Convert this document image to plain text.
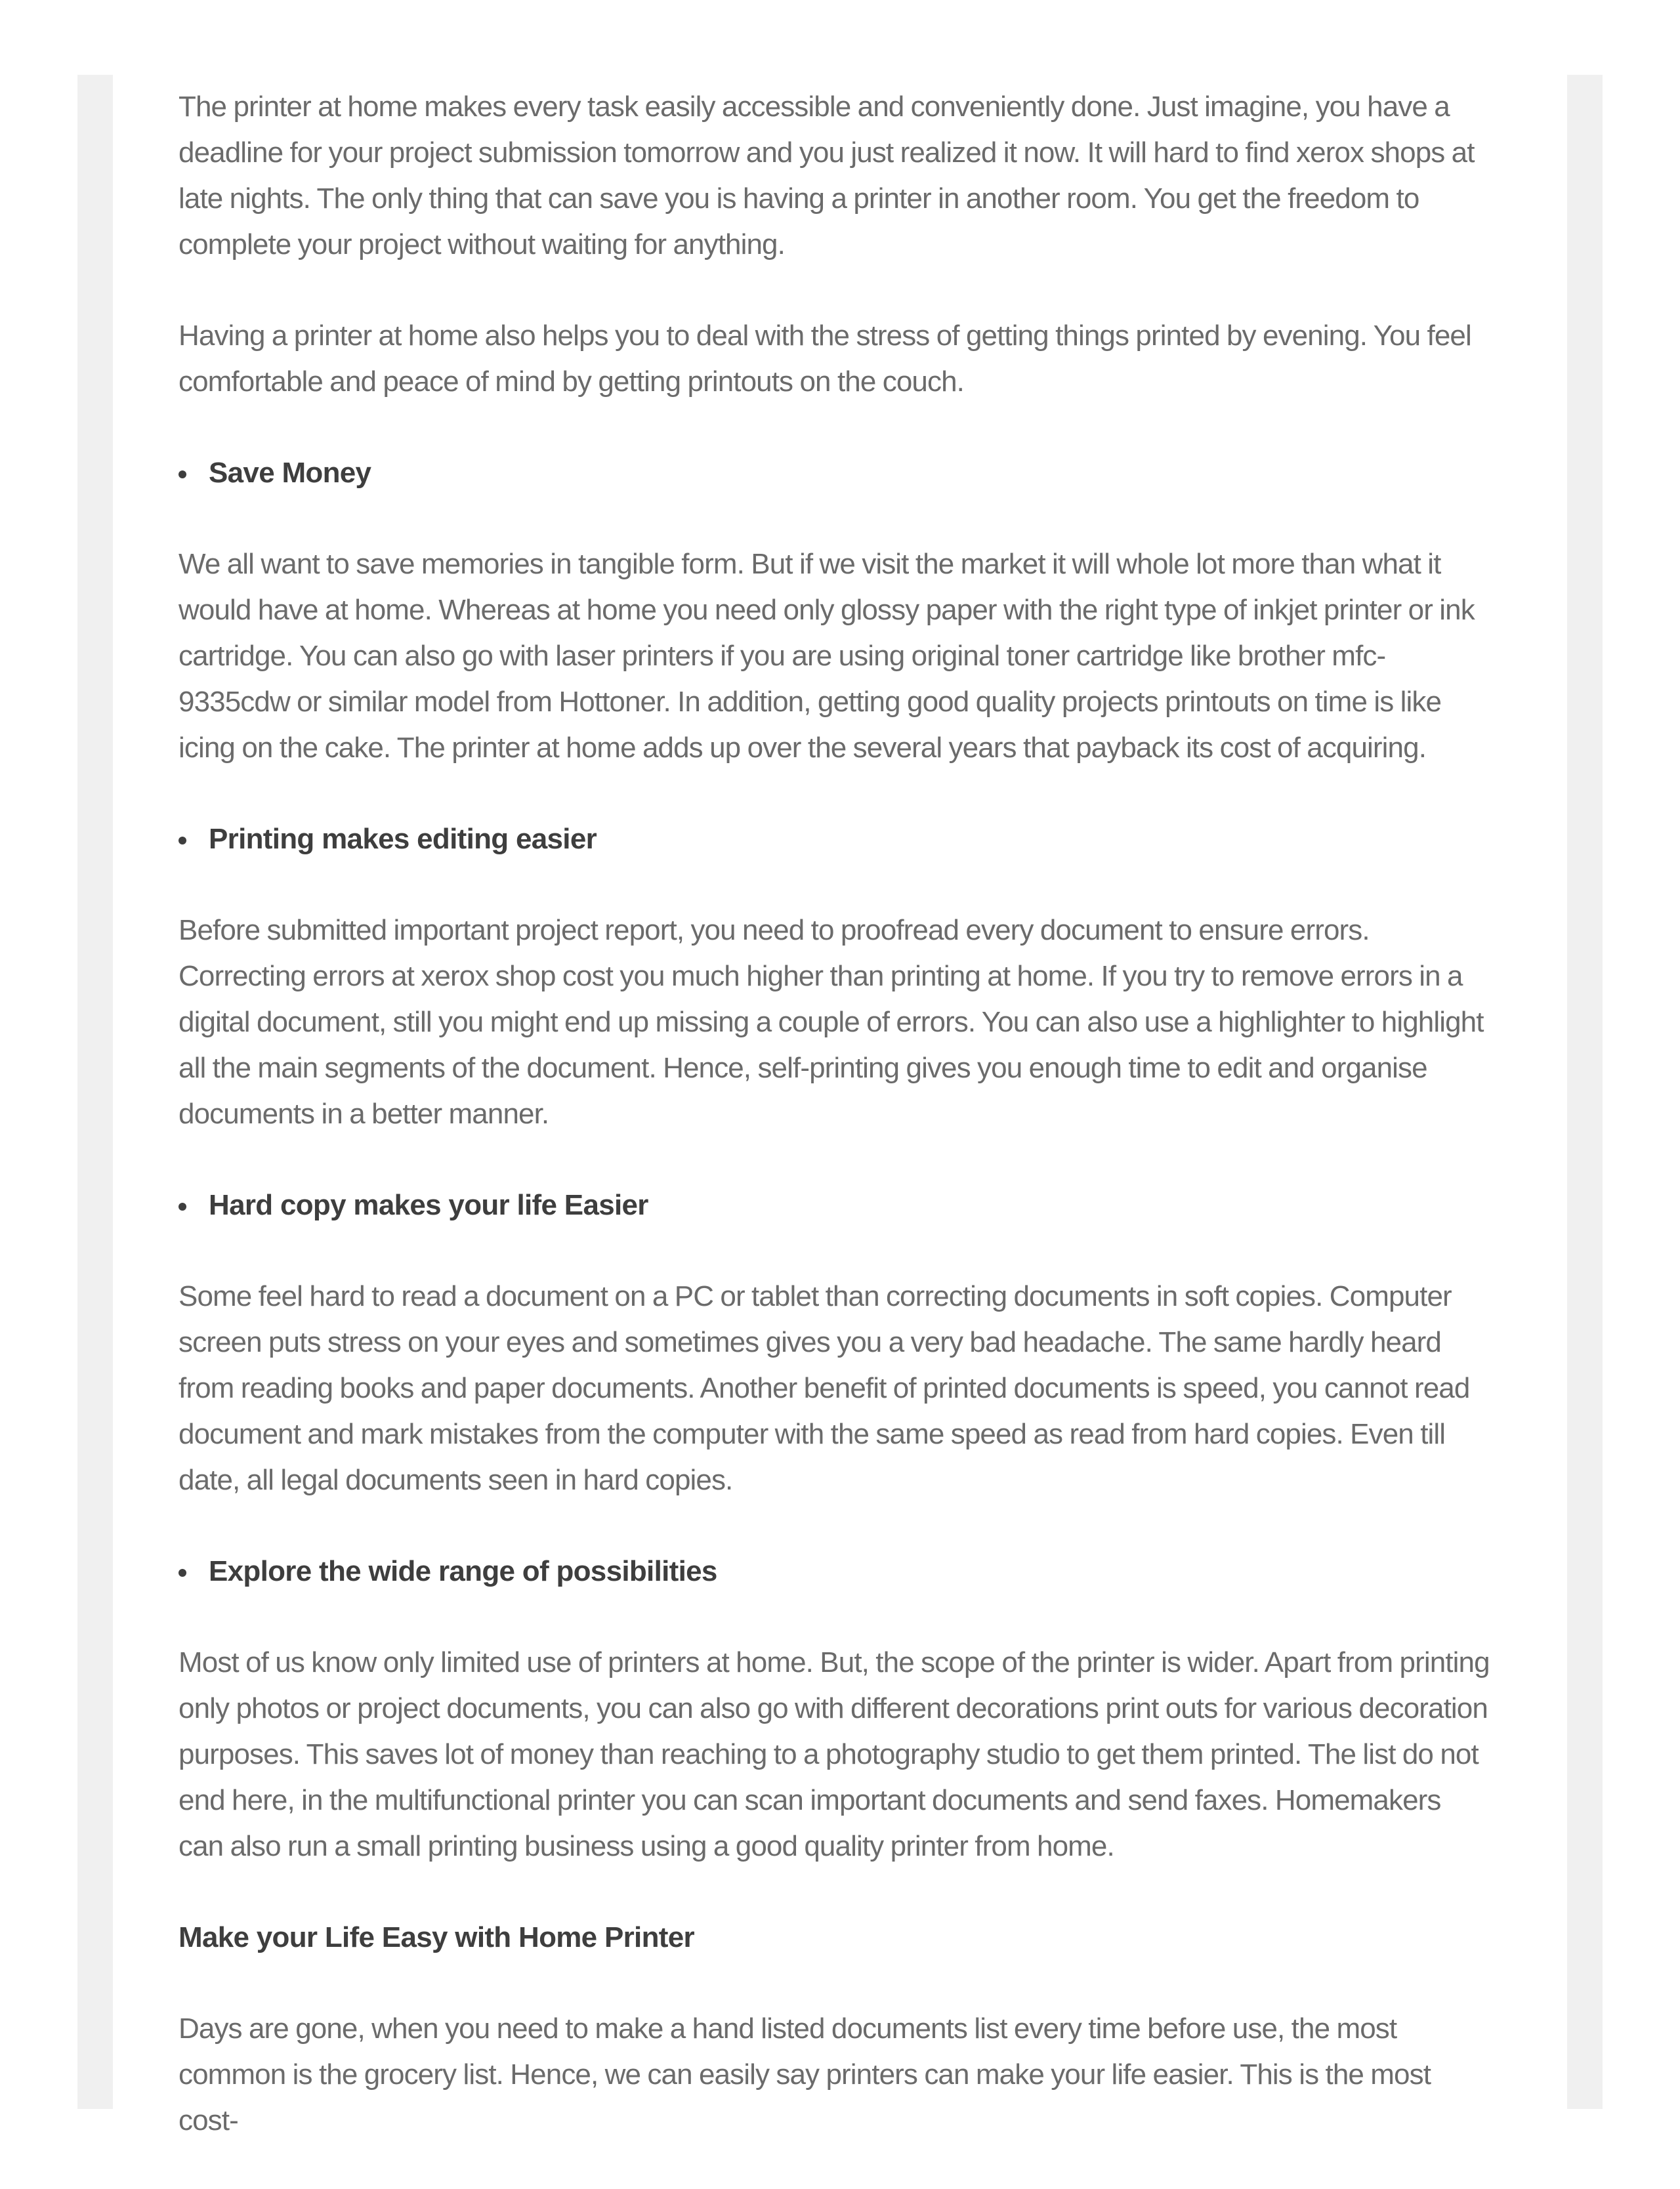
The printer at home makes every task easily accessible and conveniently done. Just imagine, you have a deadline for your project submission tomorrow and you just realized it now. It will hard to find xerox shops at late nights. The only thing that can save you is having a printer in another room. You get the freedom to complete your project without waiting for anything.

Having a printer at home also helps you to deal with the stress of getting things printed by evening. You feel comfortable and peace of mind by getting printouts on the couch.

Save Money

We all want to save memories in tangible form. But if we visit the market it will whole lot more than what it would have at home. Whereas at home you need only glossy paper with the right type of inkjet printer or ink cartridge. You can also go with laser printers if you are using original toner cartridge like brother mfc-9335cdw or similar model from Hottoner. In addition, getting good quality projects printouts on time is like icing on the cake. The printer at home adds up over the several years that payback its cost of acquiring.

Printing makes editing easier

Before submitted important project report, you need to proofread every document to ensure errors. Correcting errors at xerox shop cost you much higher than printing at home. If you try to remove errors in a digital document, still you might end up missing a couple of errors. You can also use a highlighter to highlight all the main segments of the document. Hence, self-printing gives you enough time to edit and organise documents in a better manner.

Hard copy makes your life Easier

Some feel hard to read a document on a PC or tablet than correcting documents in soft copies. Computer screen puts stress on your eyes and sometimes gives you a very bad headache. The same hardly heard from reading books and paper documents. Another benefit of printed documents is speed, you cannot read document and mark mistakes from the computer with the same speed as read from hard copies. Even till date, all legal documents seen in hard copies.

Explore the wide range of possibilities

Most of us know only limited use of printers at home. But, the scope of the printer is wider. Apart from printing only photos or project documents, you can also go with different decorations print outs for various decoration purposes. This saves lot of money than reaching to a photography studio to get them printed. The list do not end here, in the multifunctional printer you can scan important documents and send faxes. Homemakers can also run a small printing business using a good quality printer from home.

Make your Life Easy with Home Printer

Days are gone, when you need to make a hand listed documents list every time before use, the most common is the grocery list. Hence, we can easily say printers can make your life easier. This is the most cost-
